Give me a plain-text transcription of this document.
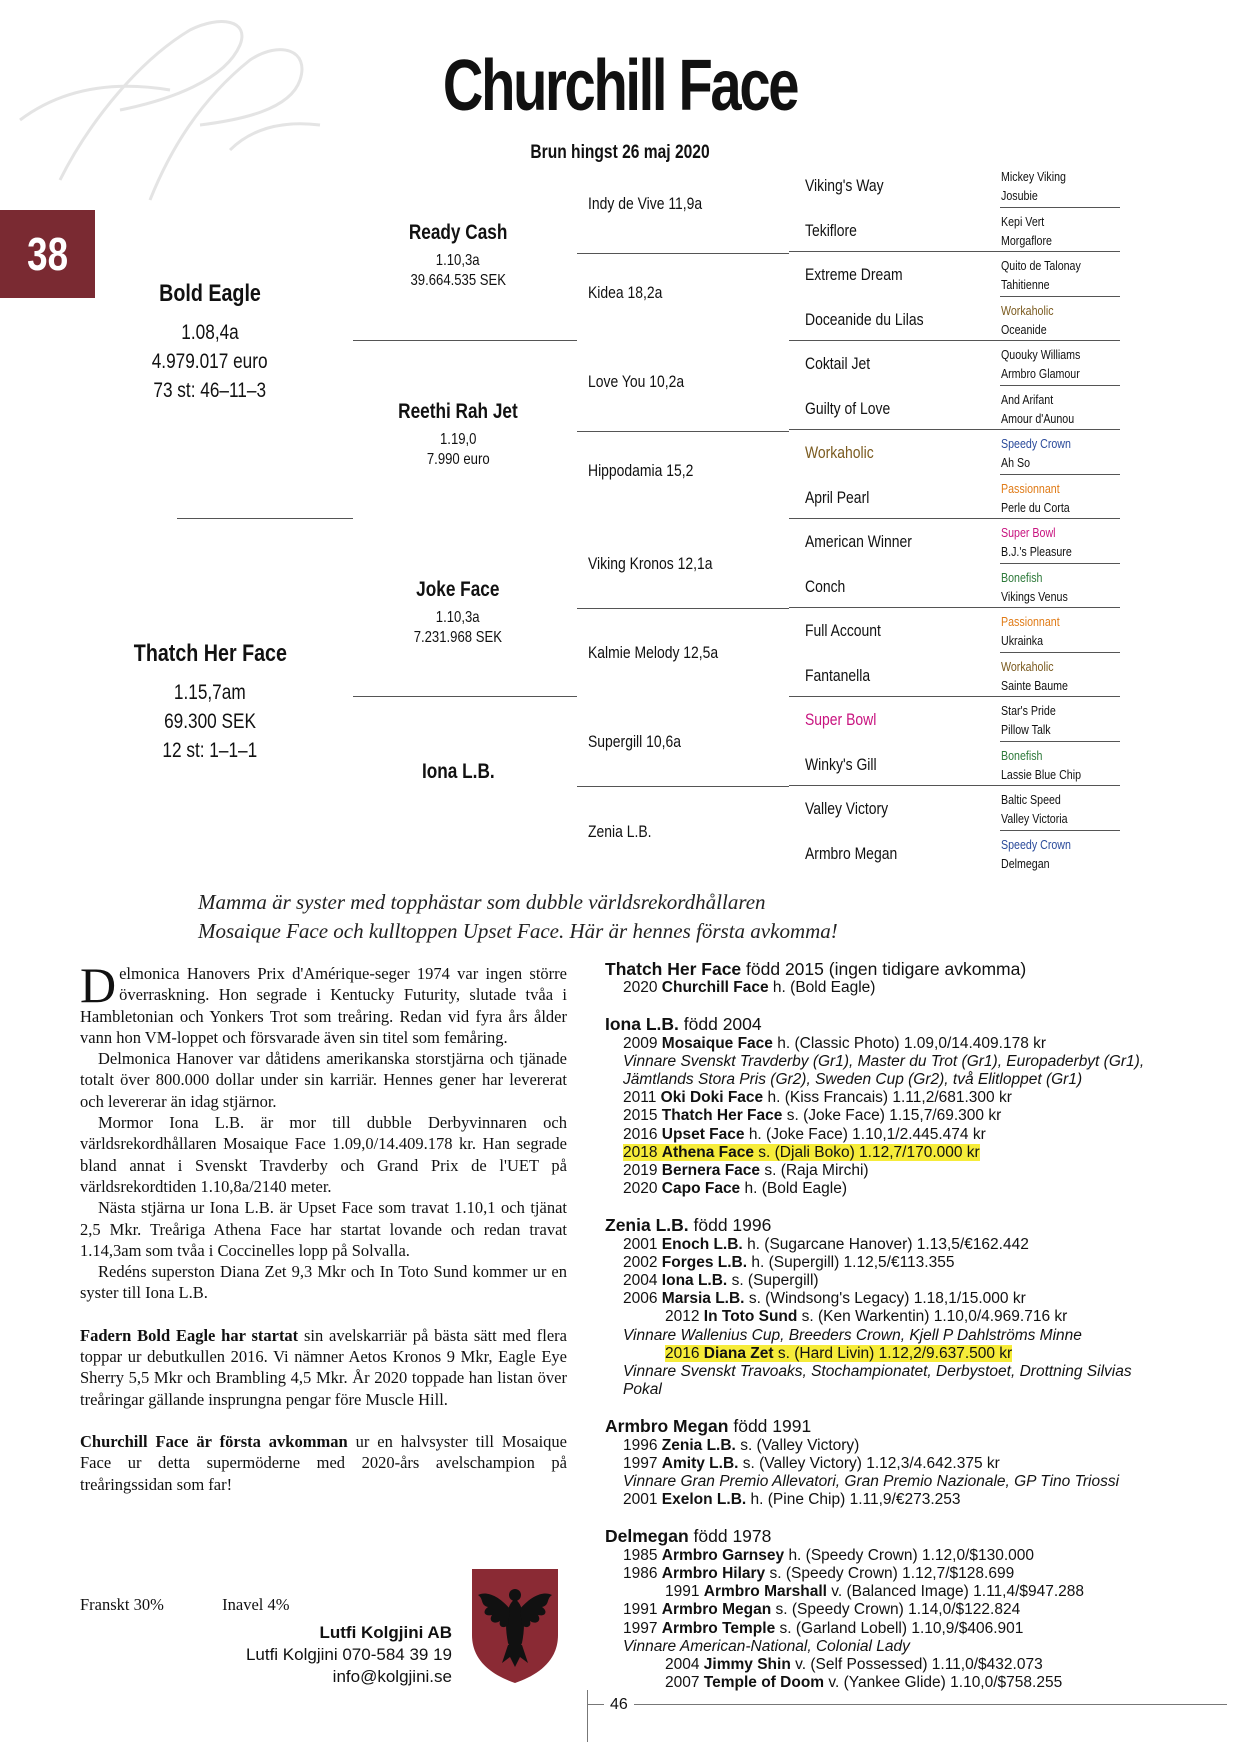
Churchill Face
Brun hingst 26 maj 2020
38
Bold Eagle
1.08,4a
4.979.017 euro
73 st: 46–11–3
Thatch Her Face
1.15,7am
69.300 SEK
12 st: 1–1–1
Ready Cash
1.10,3a
39.664.535 SEK
Reethi Rah Jet
1.19,0
7.990 euro
Joke Face
1.10,3a
7.231.968 SEK
Iona L.B.
Indy de Vive 11,9a
Kidea 18,2a
Love You 10,2a
Hippodamia 15,2
Viking Kronos 12,1a
Kalmie Melody 12,5a
Supergill 10,6a
Zenia L.B.
Viking's Way	Mickey Viking
Josubie
Tekiflore	Kepi Vert
Morgaflore
Extreme Dream	Quito de Talonay
Tahitienne
Doceanide du Lilas	Workaholic
Oceanide
Coktail Jet	Quouky Williams
Armbro Glamour
Guilty of Love	And Arifant
Amour d'Aunou
Workaholic	Speedy Crown
Ah So
April Pearl	Passionnant
Perle du Corta
American Winner	Super Bowl
B.J.'s Pleasure
Conch	Bonefish
Vikings Venus
Full Account	Passionnant
Ukrainka
Fantanella	Workaholic
Sainte Baume
Super Bowl	Star's Pride
Pillow Talk
Winky's Gill	Bonefish
Lassie Blue Chip
Valley Victory	Baltic Speed
Valley Victoria
Armbro Megan	Speedy Crown
Delmegan
Mamma är syster med topphästar som dubble världsrekordhållaren
Mosaique Face och kulltoppen Upset Face. Här är hennes första avkomma!

Delmonica Hanovers Prix d'Amérique-seger 1974 var ingen större överraskning. Hon segrade i Kentucky Futurity, slutade tvåa i Hambletonian och Yonkers Trot som treåring. Redan vid fyra års ålder vann hon VM-loppet och försvarade även sin titel som femåring.

Delmonica Hanover var dåtidens amerikanska storstjärna och tjänade totalt över 800.000 dollar under sin karriär. Hennes gener har levererat och levererar än idag stjärnor.

Mormor Iona L.B. är mor till dubble Derbyvinnaren och världsrekordhållaren Mosaique Face 1.09,0/14.409.178 kr. Han segrade bland annat i Svenskt Travderby och Grand Prix de l'UET på världsrekordtiden 1.10,8a/2140 meter.

Nästa stjärna ur Iona L.B. är Upset Face som travat 1.10,1 och tjänat 2,5 Mkr. Treåriga Athena Face har startat lovande och redan travat 1.14,3am som tvåa i Coccinelles lopp på Solvalla.

Redéns superston Diana Zet 9,3 Mkr och In Toto Sund kommer ur en syster till Iona L.B.

Fadern Bold Eagle har startat sin avelskarriär på bästa sätt med flera toppar ur debutkullen 2016. Vi nämner Aetos Kronos 9 Mkr, Eagle Eye Sherry 5,5 Mkr och Brambling 4,5 Mkr. År 2020 toppade han listan över treåringar gällande insprungna pengar före Muscle Hill.

Churchill Face är första avkomman ur en halvsyster till Mosaique Face ur detta supermöderne med 2020-års avelschampion på treåringssidan som far!

Franskt 30%	Inavel 4%
Lutfi Kolgjini AB
Lutfi Kolgjini 070-584 39 19
info@kolgjini.se
Thatch Her Face född 2015 (ingen tidigare avkomma)
2020 Churchill Face h. (Bold Eagle)
Iona L.B. född 2004
2009 Mosaique Face h. (Classic Photo) 1.09,0/14.409.178 kr
Vinnare Svenskt Travderby (Gr1), Master du Trot (Gr1), Europaderbyt (Gr1),
Jämtlands Stora Pris (Gr2), Sweden Cup (Gr2), två Elitloppet (Gr1)
2011 Oki Doki Face h. (Kiss Francais) 1.11,2/681.300 kr
2015 Thatch Her Face s. (Joke Face) 1.15,7/69.300 kr
2016 Upset Face h. (Joke Face) 1.10,1/2.445.474 kr
2018 Athena Face s. (Djali Boko) 1.12,7/170.000 kr
2019 Bernera Face s. (Raja Mirchi)
2020 Capo Face h. (Bold Eagle)
Zenia L.B. född 1996
2001 Enoch L.B. h. (Sugarcane Hanover) 1.13,5/€162.442
2002 Forges L.B. h. (Supergill) 1.12,5/€113.355
2004 Iona L.B. s. (Supergill)
2006 Marsia L.B. s. (Windsong's Legacy) 1.18,1/15.000 kr
2012 In Toto Sund s. (Ken Warkentin) 1.10,0/4.969.716 kr
Vinnare Wallenius Cup, Breeders Crown, Kjell P Dahlströms Minne
2016 Diana Zet s. (Hard Livin) 1.12,2/9.637.500 kr
Vinnare Svenskt Travoaks, Stochampionatet, Derbystoet, Drottning Silvias
Pokal
Armbro Megan född 1991
1996 Zenia L.B. s. (Valley Victory)
1997 Amity L.B. s. (Valley Victory) 1.12,3/4.642.375 kr
Vinnare Gran Premio Allevatori, Gran Premio Nazionale, GP Tino Triossi
2001 Exelon L.B. h. (Pine Chip) 1.11,9/€273.253
Delmegan född 1978
1985 Armbro Garnsey h. (Speedy Crown) 1.12,0/$130.000
1986 Armbro Hilary s. (Speedy Crown) 1.12,7/$128.699
1991 Armbro Marshall v. (Balanced Image) 1.11,4/$947.288
1991 Armbro Megan s. (Speedy Crown) 1.14,0/$122.824
1997 Armbro Temple s. (Garland Lobell) 1.10,9/$406.901
Vinnare American-National, Colonial Lady
2004 Jimmy Shin v. (Self Possessed) 1.11,0/$432.073
2007 Temple of Doom v. (Yankee Glide) 1.10,0/$758.255
46
